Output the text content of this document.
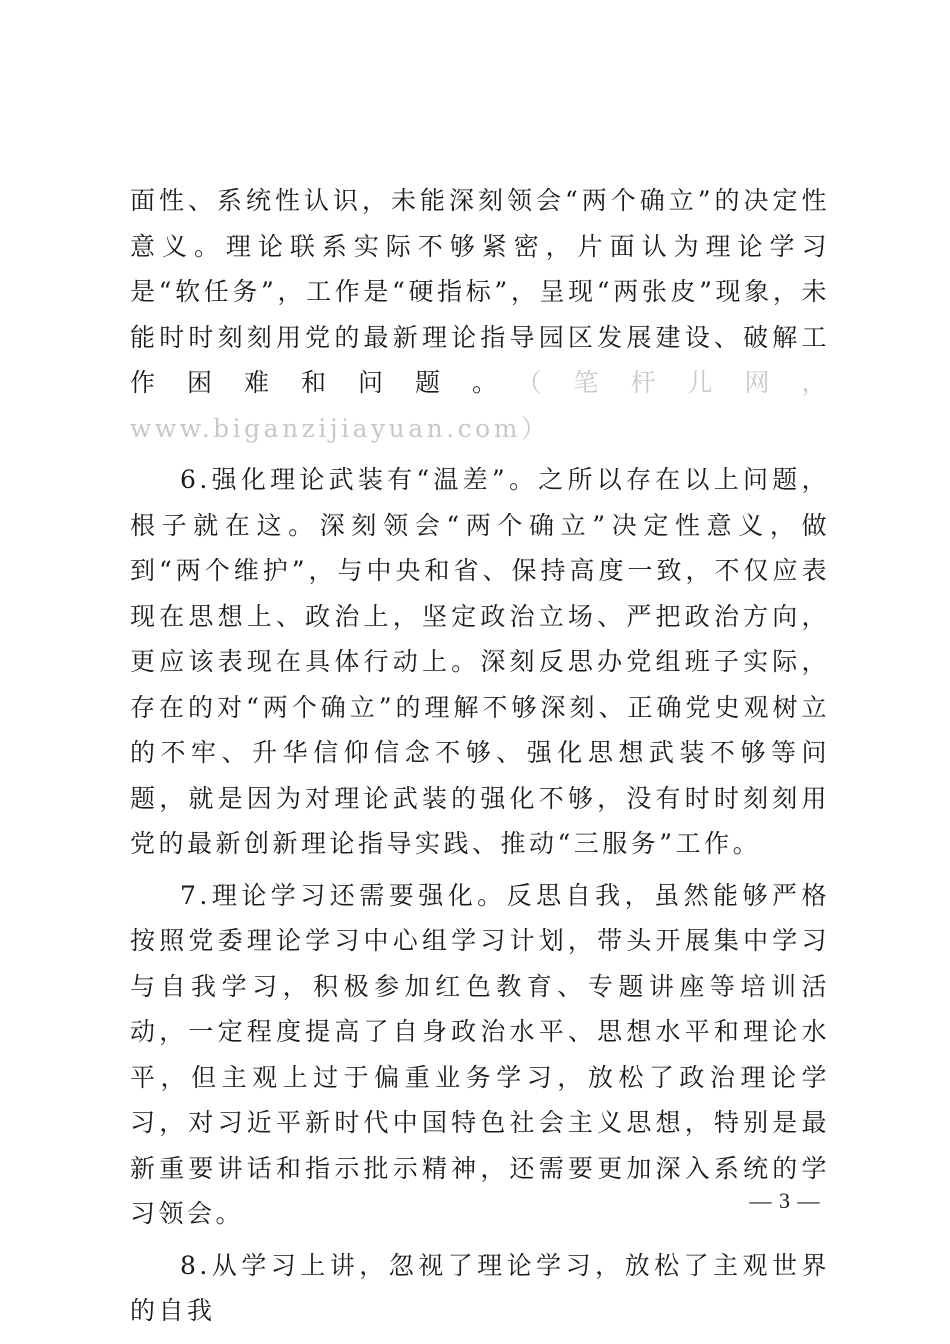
面性、系统性认识，未能深刻领会“两个确立”的决定性意义。理论联系实际不够紧密，片面认为理论学习是“软任务”，工作是“硬指标”，呈现“两张皮”现象，未能时时刻刻用党的最新理论指导园区发展建设、破解工作困难和问题。（笔杆儿网，www.biganzijiayuan.com）

6.强化理论武装有“温差”。之所以存在以上问题，根子就在这。深刻领会“两个确立”决定性意义，做到“两个维护”，与中央和省、保持高度一致，不仅应表现在思想上、政治上，坚定政治立场、严把政治方向，更应该表现在具体行动上。深刻反思办党组班子实际，存在的对“两个确立”的理解不够深刻、正确党史观树立的不牢、升华信仰信念不够、强化思想武装不够等问题，就是因为对理论武装的强化不够，没有时时刻刻用党的最新创新理论指导实践、推动“三服务”工作。

7.理论学习还需要强化。反思自我，虽然能够严格按照党委理论学习中心组学习计划，带头开展集中学习与自我学习，积极参加红色教育、专题讲座等培训活动，一定程度提高了自身政治水平、思想水平和理论水平，但主观上过于偏重业务学习，放松了政治理论学习，对习近平新时代中国特色社会主义思想，特别是最新重要讲话和指示批示精神，还需要更加深入系统的学习领会。

8.从学习上讲，忽视了理论学习，放松了主观世界的自我

— 3 —
